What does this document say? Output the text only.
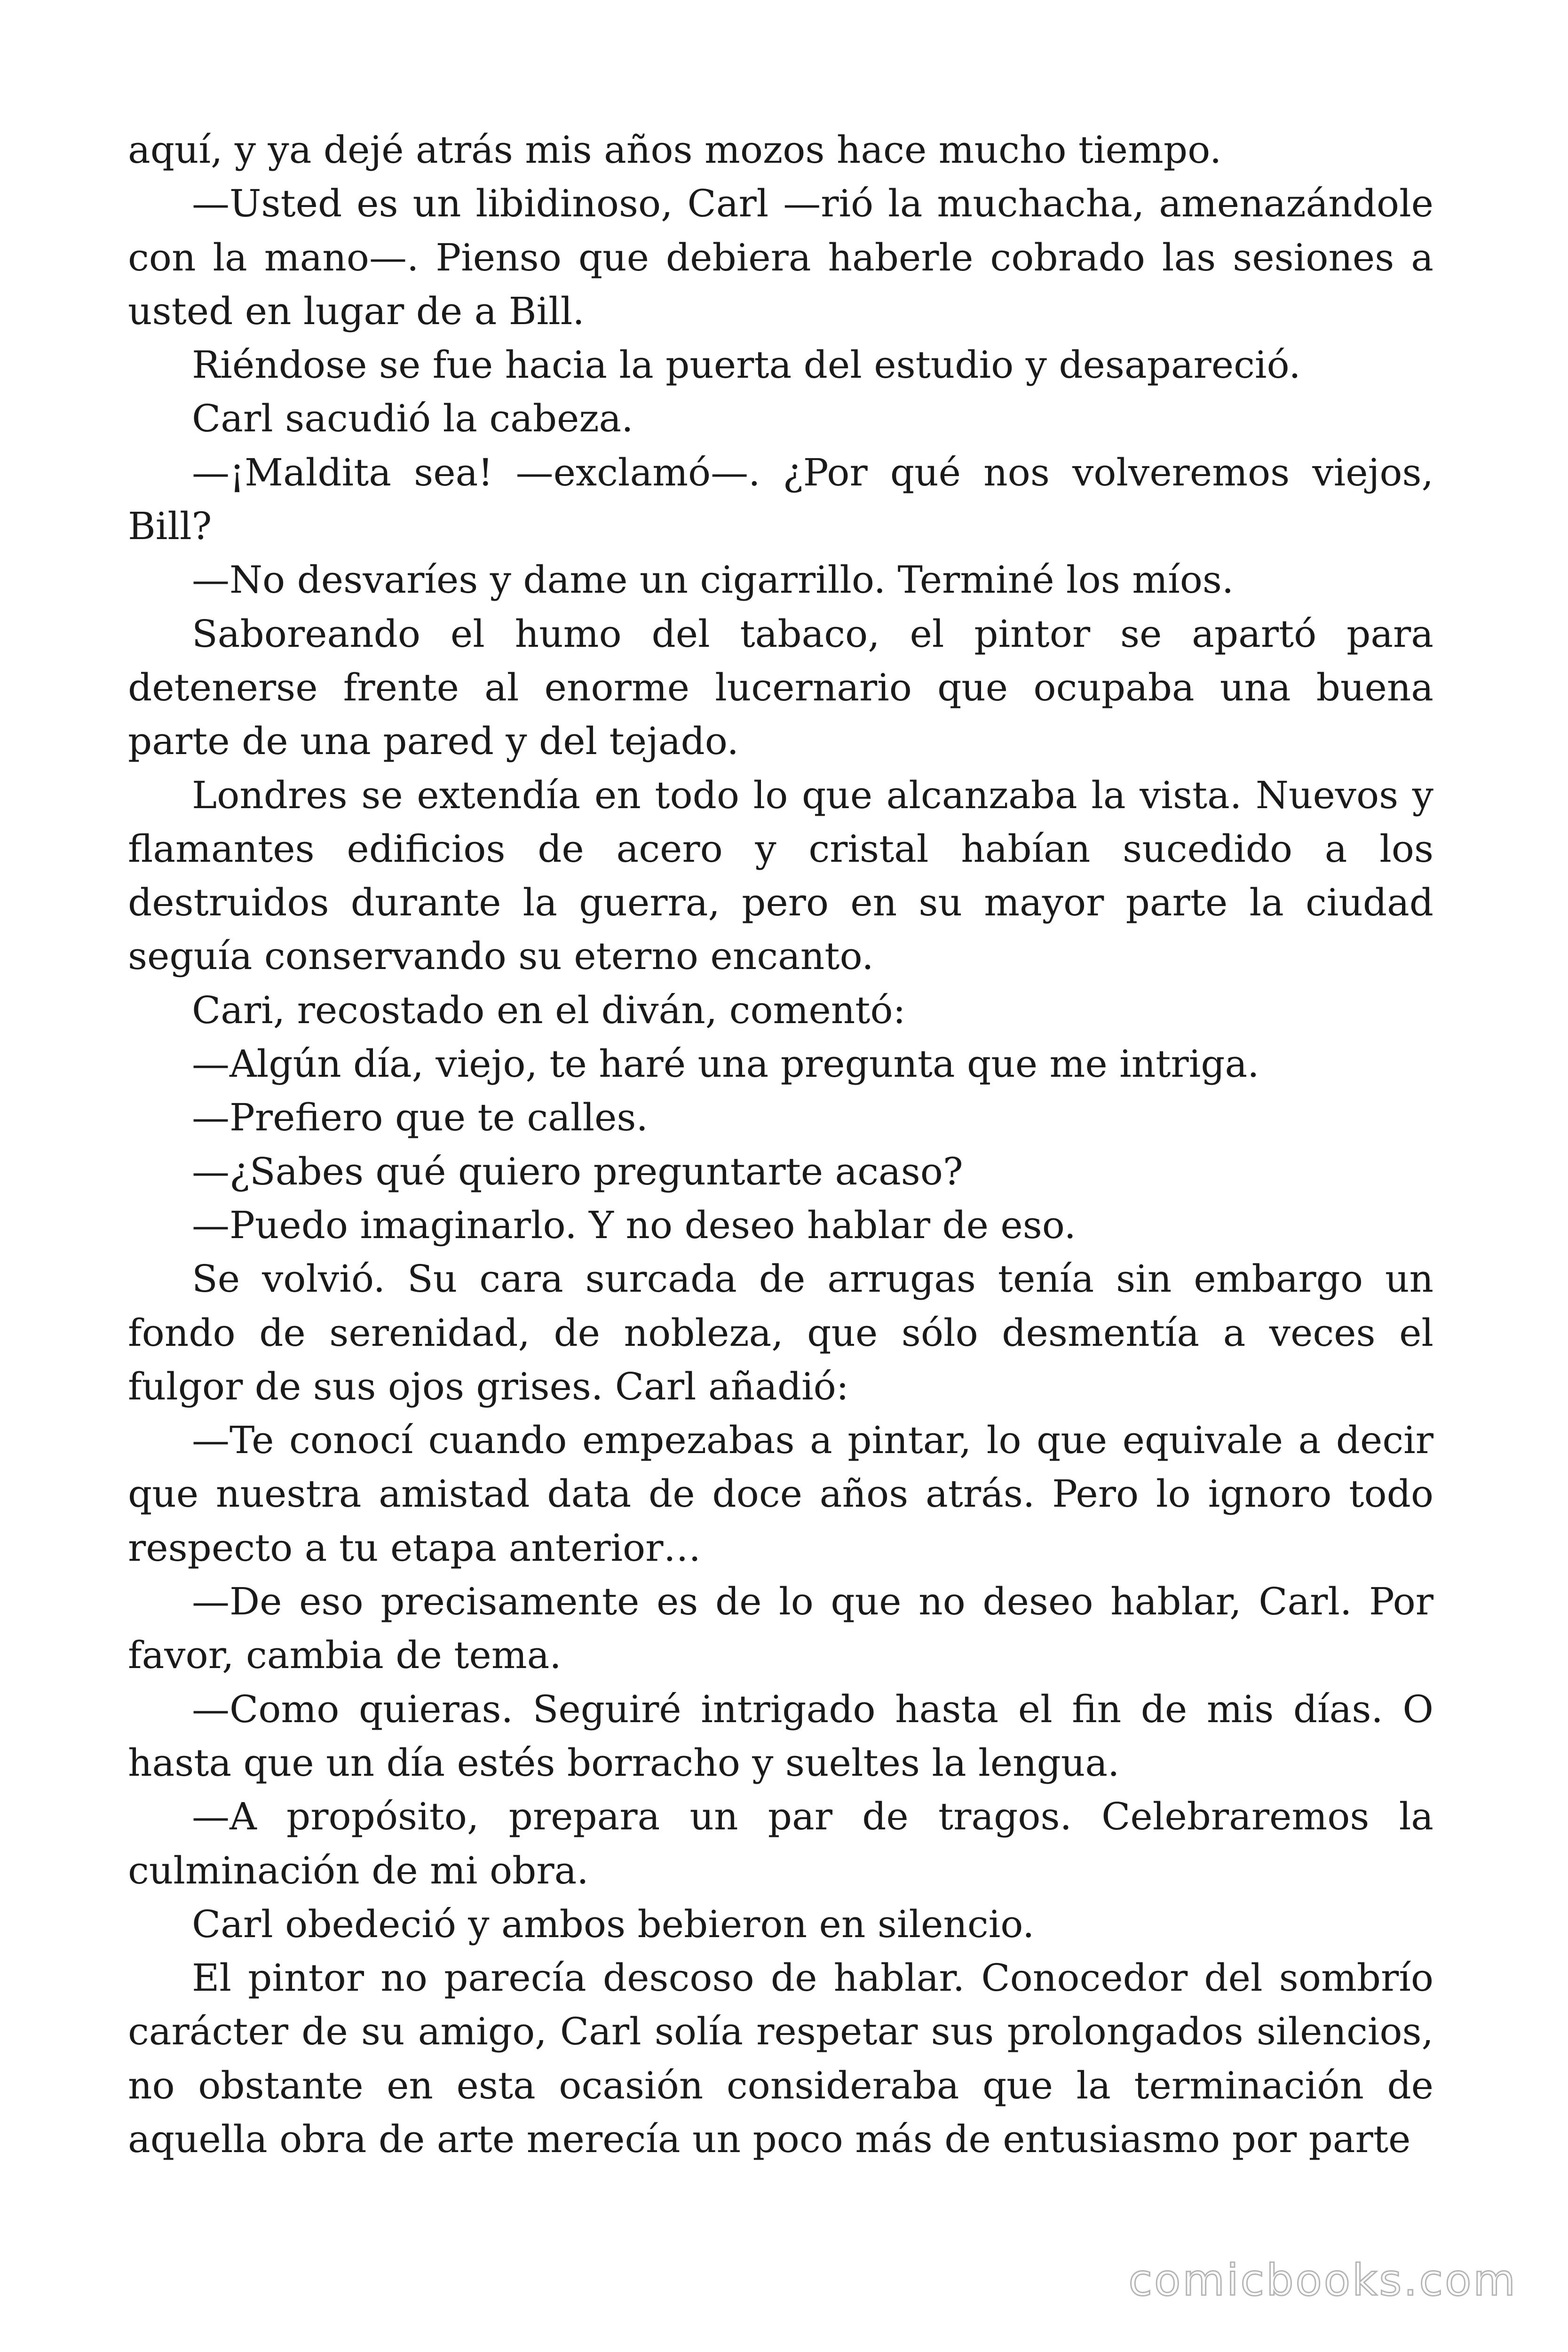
aquí, y ya dejé atrás mis años mozos hace mucho tiempo.

—Usted es un libidinoso, Carl —rió la muchacha, amenazándole con la mano—. Pienso que debiera haberle cobrado las sesiones a usted en lugar de a Bill.

Riéndose se fue hacia la puerta del estudio y desapareció.

Carl sacudió la cabeza.

—¡Maldita sea! —exclamó—. ¿Por qué nos volveremos viejos, Bill?

—No desvaríes y dame un cigarrillo. Terminé los míos.

Saboreando el humo del tabaco, el pintor se apartó para detenerse frente al enorme lucernario que ocupaba una buena parte de una pared y del tejado.

Londres se extendía en todo lo que alcanzaba la vista. Nuevos y flamantes edificios de acero y cristal habían sucedido a los destruidos durante la guerra, pero en su mayor parte la ciudad seguía conservando su eterno encanto.

Cari, recostado en el diván, comentó:

—Algún día, viejo, te haré una pregunta que me intriga.

—Prefiero que te calles.

—¿Sabes qué quiero preguntarte acaso?

—Puedo imaginarlo. Y no deseo hablar de eso.

Se volvió. Su cara surcada de arrugas tenía sin embargo un fondo de serenidad, de nobleza, que sólo desmentía a veces el fulgor de sus ojos grises. Carl añadió:

—Te conocí cuando empezabas a pintar, lo que equivale a decir que nuestra amistad data de doce años atrás. Pero lo ignoro todo respecto a tu etapa anterior…

—De eso precisamente es de lo que no deseo hablar, Carl. Por favor, cambia de tema.

—Como quieras. Seguiré intrigado hasta el fin de mis días. O hasta que un día estés borracho y sueltes la lengua.

—A propósito, prepara un par de tragos. Celebraremos la culminación de mi obra.

Carl obedeció y ambos bebieron en silencio.

El pintor no parecía descoso de hablar. Conocedor del sombrío carácter de su amigo, Carl solía respetar sus prolongados silencios, no obstante en esta ocasión consideraba que la terminación de aquella obra de arte merecía un poco más de entusiasmo por parte

comicbooks.com
